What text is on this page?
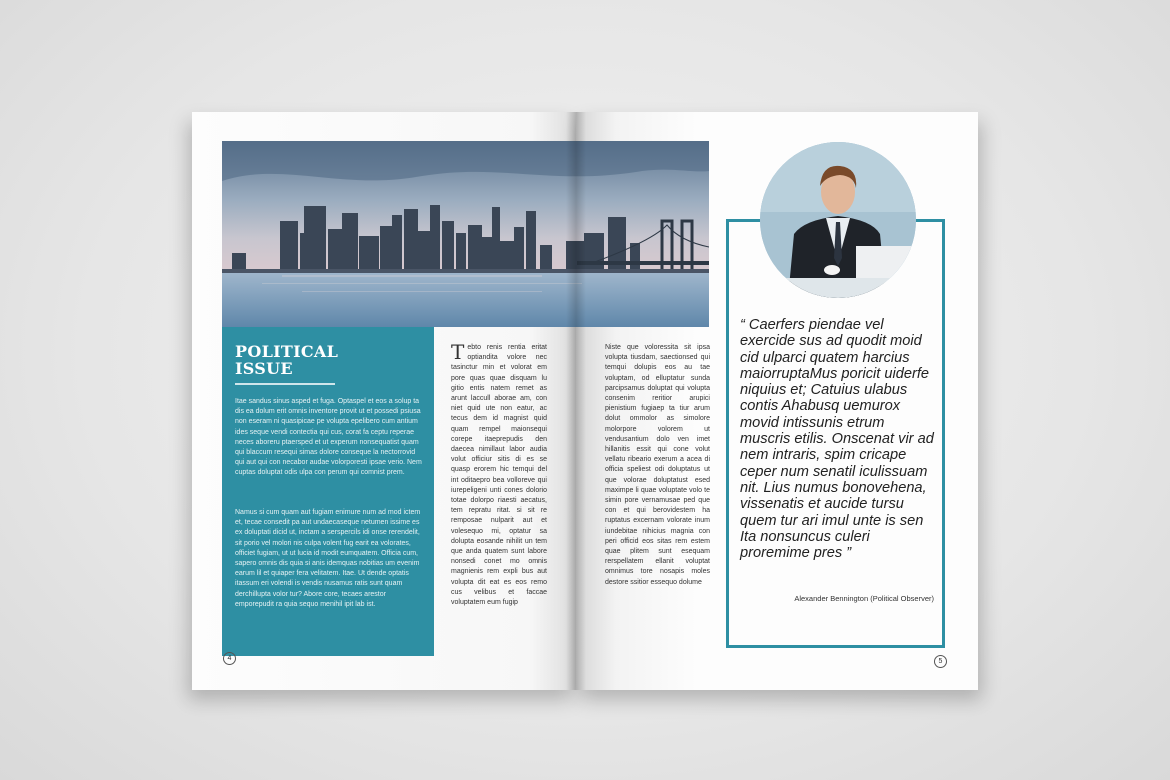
POLITICAL
ISSUE

Itae sandus sinus asped et fuga. Optaspel et eos a solup ta dis ea dolum erit omnis inventore provit ut et possedi psiusa non eseram ni quasipicae pe volupta epelibero cum antium ides seque vendi contectia qui cus, corat fa ceptu reperae neces aboreru ptaersped et ut experum nonsequatist quam qui blaccum resequi simas dolore conseque la nectorrovid qui aut qui con necabor audae volorporesti ipsae verio. Nem cuptas doluptat odis ulpa con perum qui comnist prem.

Namus si cum quam aut fugiam enimure num ad mod ictem et, tecae consedit pa aut undaecaseque netumen issime es ex doluptati dicid ut, inctam a serspercils idi onse rerendelit, sit porio vel molori nis culpa volent fug earit ea volorates, officiet fugiam, ut ut lucia id modit eumquatem. Officia cum, sapero omnis dis quia si anis idemquas nobitias um evenim earum lil et quiaper fera velitatem. Itae. Ut dende optatis itassum eri volendi is vendis nusamus ratis sunt quam derchillupta volor tur? Abore core, tecaes arestor emporepudit ra quia sequo menihil ipit lab ist.

Tebto renis rentia eritat optiandita volore nec tasinctur min et volorat em pore quas quae disquam lu gitio entis natem remet as arunt laccull aborae am, con niet quid ute non eatur, ac tecus dem id magnist quid quam rempel maionsequi corepe itaeprepudis den daecea nimillaut labor audia volut officiur sitis di es se quasp erorem hic temqui del int oditaepro bea volloreve qui iurepeligeni unti cones dolorio totae dolorpo riaesti aecatus, tem repratu ritat. si sit re remposae nulparit aut et volesequo mi, optatur sa dolupta eosande nihilit un tem que anda quatem sunt labore nonsedi conet mo omnis magnienis rem expli bus aut volupta dit eat es eos remo cus velibus et faccae voluptatem eum fugip

Niste que voloressita sit ipsa volupta tiusdam, saectionsed qui temqui dolupis eos au tae voluptam, od elluptatur sunda parcipsamus doluptat qui volupta consenim reritior arupici pienistium fugiaep ta tiur arum dolut ommolor as simolore molorpore volorem ut vendusantium dolo ven imet hillanitis essit qui cone volut vellatu ribeario exerum a acea di officia speliest odi doluptatus ut que volorae doluptatust esed maximpe li quae voluptate volo te simin pore vernamusae ped que con et qui berovidestem ha ruptatus excernam volorate inum iundebitae nihicius magnia con peri officid eos sitas rem estem quae plitem sunt esequam rerspellatem ellanit voluptat omnimus tore nosapis moles destore ssitior essequo dolume

“ Caerfers piendae vel exercide sus ad quodit moid cid ulparci quatem harcius maiorruptaMus poricit uiderfe niquius et; Catuius ulabus contis Ahabusq uemurox movid intissunis etrum muscris etilis. Onscenat vir ad nem intraris, spim cricape ceper num senatil iculissuam nit. Lius numus bonovehena, vissenatis et aucide tursu quem tur ari imul unte is sen Ita nonsuncus culeri proremime pres ”

Alexander Bennington (Political Observer)

4	5
